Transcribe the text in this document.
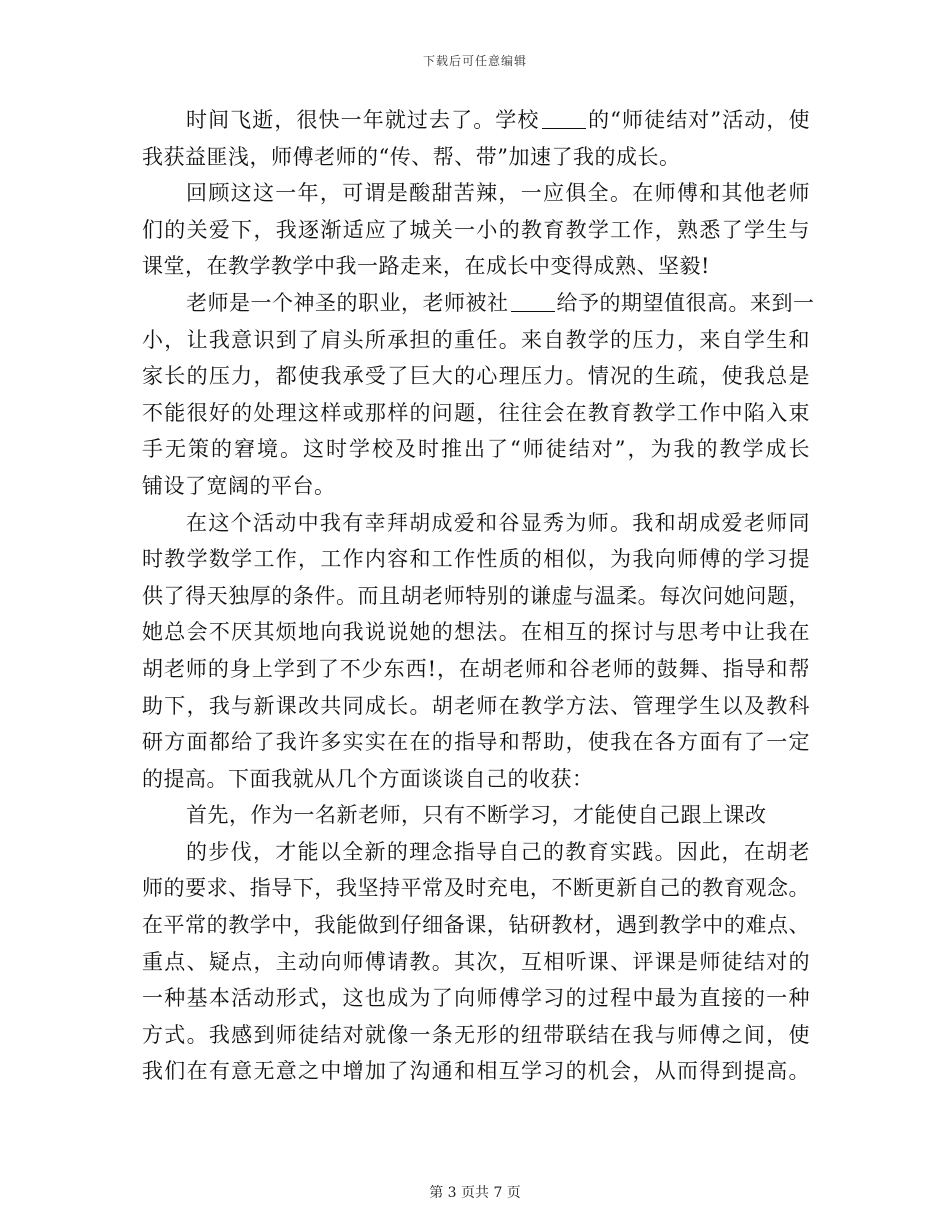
下载后可任意编辑
时间飞逝，很快一年就过去了。学校 的“师徒结对”活动，使
我获益匪浅，师傅老师的“传、帮、带”加速了我的成长。
回顾这这一年，可谓是酸甜苦辣，一应俱全。在师傅和其他老师
们的关爱下，我逐渐适应了城关一小的教育教学工作，熟悉了学生与
课堂，在教学教学中我一路走来，在成长中变得成熟、坚毅!
老师是一个神圣的职业，老师被社 给予的期望值很高。来到一
小，让我意识到了肩头所承担的重任。来自教学的压力，来自学生和
家长的压力，都使我承受了巨大的心理压力。情况的生疏，使我总是
不能很好的处理这样或那样的问题，往往会在教育教学工作中陷入束
手无策的窘境。这时学校及时推出了“师徒结对”，为我的教学成长
铺设了宽阔的平台。
在这个活动中我有幸拜胡成爱和谷显秀为师。我和胡成爱老师同
时教学数学工作，工作内容和工作性质的相似，为我向师傅的学习提
供了得天独厚的条件。而且胡老师特别的谦虚与温柔。每次问她问题，
她总会不厌其烦地向我说说她的想法。在相互的探讨与思考中让我在
胡老师的身上学到了不少东西!，在胡老师和谷老师的鼓舞、指导和帮
助下，我与新课改共同成长。胡老师在教学方法、管理学生以及教科
研方面都给了我许多实实在在的指导和帮助，使我在各方面有了一定
的提高。下面我就从几个方面谈谈自己的收获：
首先，作为一名新老师，只有不断学习，才能使自己跟上课改
的步伐，才能以全新的理念指导自己的教育实践。因此，在胡老
师的要求、指导下，我坚持平常及时充电，不断更新自己的教育观念。
在平常的教学中，我能做到仔细备课，钻研教材，遇到教学中的难点、
重点、疑点，主动向师傅请教。其次，互相听课、评课是师徒结对的
一种基本活动形式，这也成为了向师傅学习的过程中最为直接的一种
方式。我感到师徒结对就像一条无形的纽带联结在我与师傅之间，使
我们在有意无意之中增加了沟通和相互学习的机会，从而得到提高。
第 3 页共 7 页
